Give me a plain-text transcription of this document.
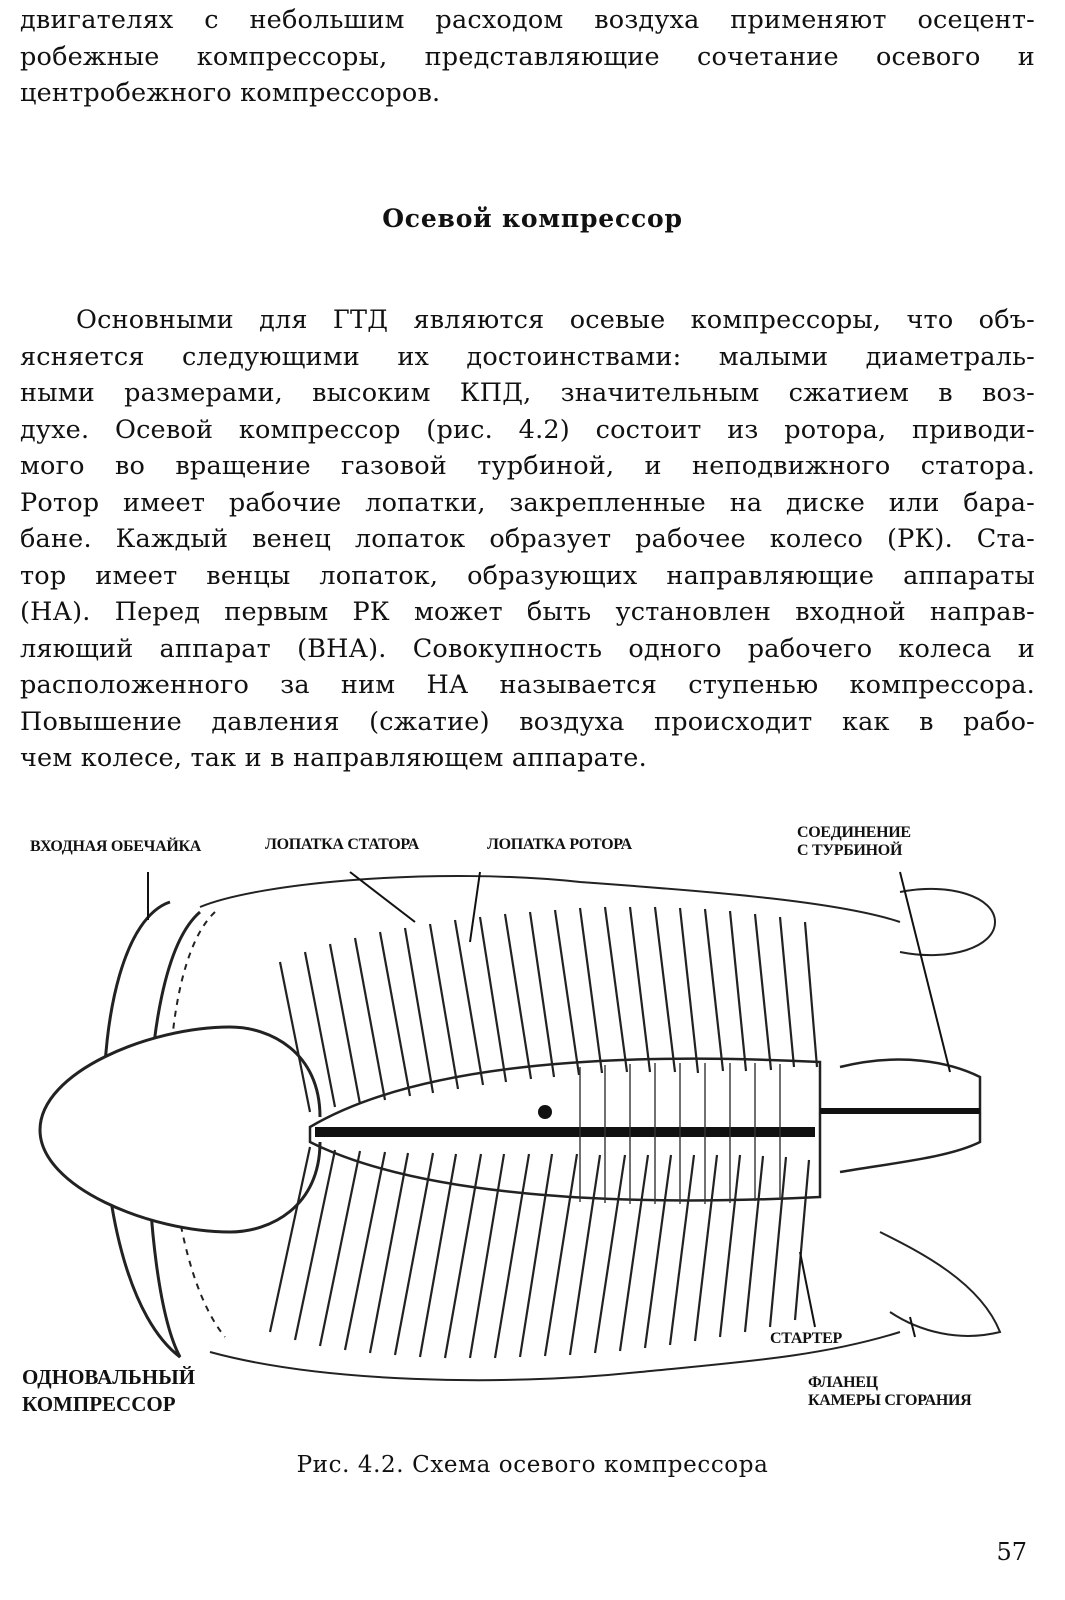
двигателях с небольшим расходом воздуха применяют осецент-
робежные компрессоры, представляющие сочетание осевого и
центробежного компрессоров.
Осевой компрессор
Основными для ГТД являются осевые компрессоры, что объ-
ясняется следующими их достоинствами: малыми диаметраль-
ными размерами, высоким КПД, значительным сжатием в воз-
духе. Осевой компрессор (рис. 4.2) состоит из ротора, приводи-
мого во вращение газовой турбиной, и неподвижного статора.
Ротор имеет рабочие лопатки, закрепленные на диске или бара-
бане. Каждый венец лопаток образует рабочее колесо (РК). Ста-
тор имеет венцы лопаток, образующих направляющие аппараты
(НА). Перед первым РК может быть установлен входной направ-
ляющий аппарат (ВНА). Совокупность одного рабочего колеса и
расположенного за ним НА называется ступенью компрессора.
Повышение давления (сжатие) воздуха происходит как в рабо-
чем колесе, так и в направляющем аппарате.
ВХОДНАЯ ОБЕЧАЙКА	ЛОПАТКА СТАТОРА	ЛОПАТКА РОТОРА
СОЕДИНЕНИЕ
С ТУРБИНОЙ
ОДНОВАЛЬНЫЙ
КОМПРЕССОР
СТАРТЕР
ФЛАНЕЦ
КАМЕРЫ СГОРАНИЯ
Рис. 4.2. Схема осевого компрессора
57
